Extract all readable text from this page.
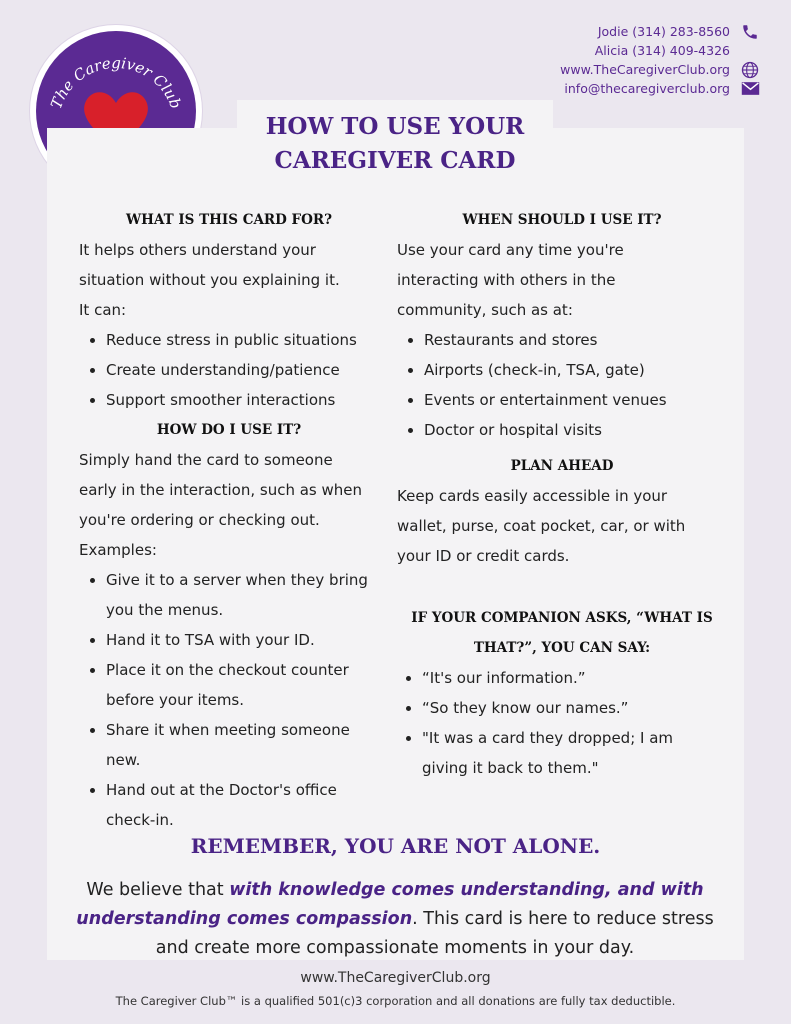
The Caregiver Club
Jodie (314) 283-8560
Alicia (314) 409-4326
www.TheCaregiverClub.org
info@thecaregiverclub.org
HOW TO USE YOUR
CAREGIVER CARD
WHAT IS THIS CARD FOR?
It helps others understand your
situation without you explaining it.
It can:
• Reduce stress in public situations
• Create understanding/patience
• Support smoother interactions
HOW DO I USE IT?
Simply hand the card to someone
early in the interaction, such as when
you're ordering or checking out.
Examples:
• Give it to a server when they bring
you the menus.
• Hand it to TSA with your ID.
• Place it on the checkout counter
before your items.
• Share it when meeting someone
new.
• Hand out at the Doctor's office
check-in.
WHEN SHOULD I USE IT?
Use your card any time you're
interacting with others in the
community, such as at:
• Restaurants and stores
• Airports (check-in, TSA, gate)
• Events or entertainment venues
• Doctor or hospital visits
PLAN AHEAD
Keep cards easily accessible in your
wallet, purse, coat pocket, car, or with
your ID or credit cards.
IF YOUR COMPANION ASKS, “WHAT IS
THAT?”, YOU CAN SAY:
• “It's our information.”
• “So they know our names.”
• "It was a card they dropped; I am
giving it back to them."
REMEMBER, YOU ARE NOT ALONE.
We believe that with knowledge comes understanding, and with
understanding comes compassion. This card is here to reduce stress
and create more compassionate moments in your day.
www.TheCaregiverClub.org
The Caregiver Club™ is a qualified 501(c)3 corporation and all donations are fully tax deductible.
